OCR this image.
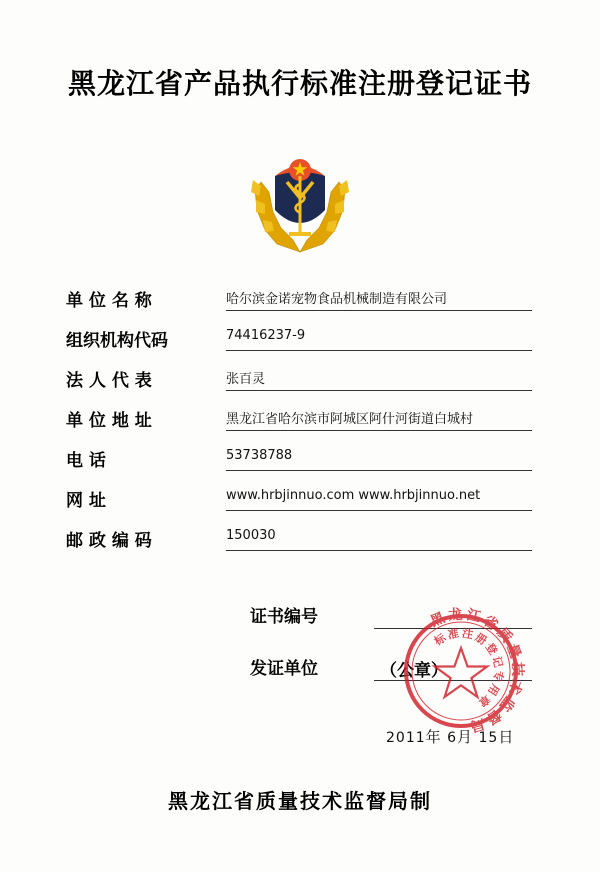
黑龙江省产品执行标准注册登记证书
单 位 名 称	哈尔滨金诺宠物食品机械制造有限公司
组织机构代码	74416237-9
法 人 代 表	张百灵
单 位 地 址	黑龙江省哈尔滨市阿城区阿什河街道白城村
电 话	53738788
网 址	www.hrbjinnuo.com www.hrbjinnuo.net
邮 政 编 码	150030
证书编号
发证单位	（公章）
2011年 6月 15日
黑龙江省质量技术监督局
标准注册登记专用章
黑龙江省质量技术监督局制
